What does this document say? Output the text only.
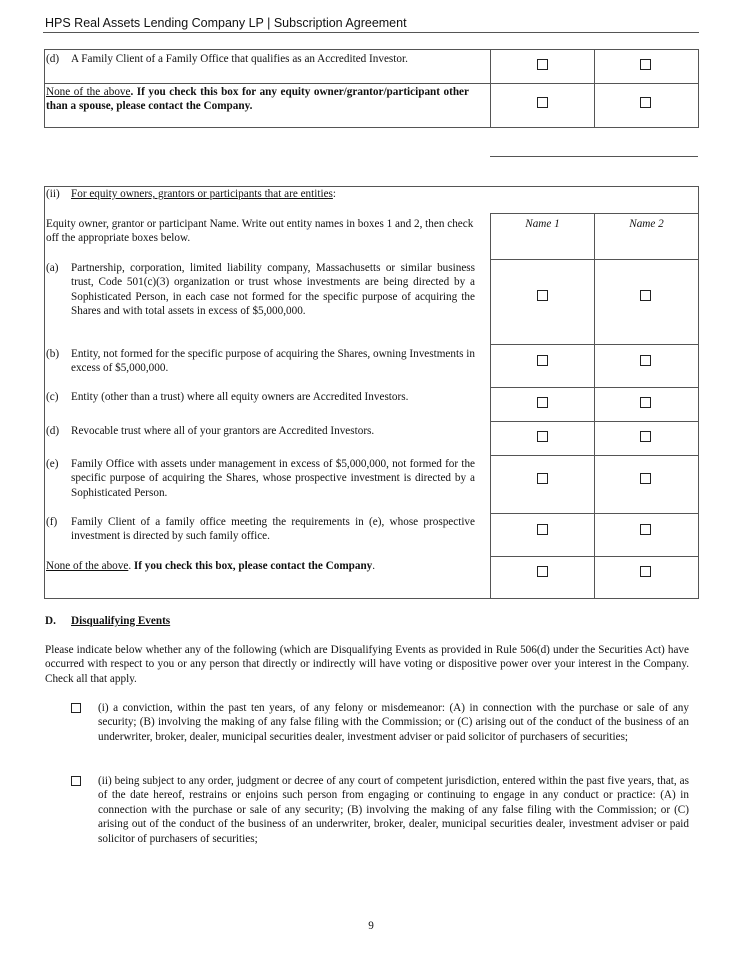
HPS Real Assets Lending Company LP | Subscription Agreement
(d) A Family Client of a Family Office that qualifies as an Accredited Investor.
None of the above. If you check this box for any equity owner/grantor/participant other than a spouse, please contact the Company.
(ii) For equity owners, grantors or participants that are entities:
Equity owner, grantor or participant Name. Write out entity names in boxes 1 and 2, then check off the appropriate boxes below.
Name 1	Name 2
(a) Partnership, corporation, limited liability company, Massachusetts or similar business trust, Code 501(c)(3) organization or trust whose investments are being directed by a Sophisticated Person, in each case not formed for the specific purpose of acquiring the Shares and with total assets in excess of $5,000,000.
(b) Entity, not formed for the specific purpose of acquiring the Shares, owning Investments in excess of $5,000,000.
(c) Entity (other than a trust) where all equity owners are Accredited Investors.
(d) Revocable trust where all of your grantors are Accredited Investors.
(e) Family Office with assets under management in excess of $5,000,000, not formed for the specific purpose of acquiring the Shares, whose prospective investment is directed by a Sophisticated Person.
(f) Family Client of a family office meeting the requirements in (e), whose prospective investment is directed by such family office.
None of the above. If you check this box, please contact the Company.
D. Disqualifying Events
Please indicate below whether any of the following (which are Disqualifying Events as provided in Rule 506(d) under the Securities Act) have occurred with respect to you or any person that directly or indirectly will have voting or dispositive power over your interest in the Company. Check all that apply.
(i) a conviction, within the past ten years, of any felony or misdemeanor: (A) in connection with the purchase or sale of any security; (B) involving the making of any false filing with the Commission; or (C) arising out of the conduct of the business of an underwriter, broker, dealer, municipal securities dealer, investment adviser or paid solicitor of purchasers of securities;
(ii) being subject to any order, judgment or decree of any court of competent jurisdiction, entered within the past five years, that, as of the date hereof, restrains or enjoins such person from engaging or continuing to engage in any conduct or practice: (A) in connection with the purchase or sale of any security; (B) involving the making of any false filing with the Commission; or (C) arising out of the conduct of the business of an underwriter, broker, dealer, municipal securities dealer, investment adviser or paid solicitor of purchasers of securities;
9
